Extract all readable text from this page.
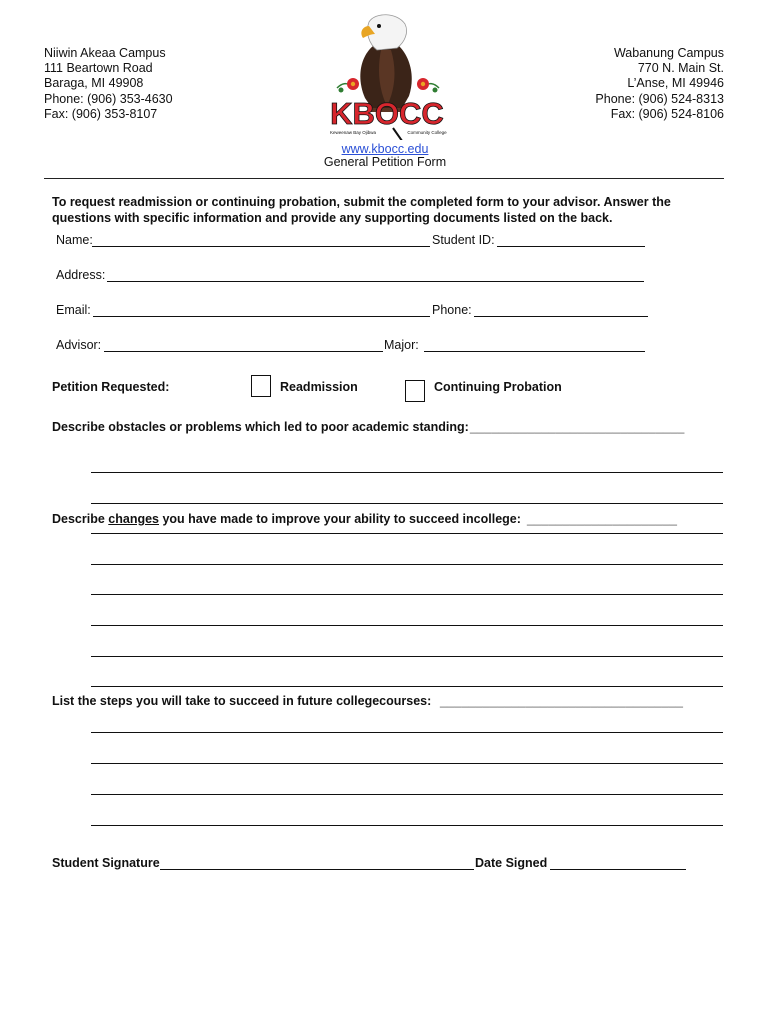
Niiwin Akeaa Campus
111 Beartown Road
Baraga, MI 49908
Phone: (906) 353-4630
Fax: (906) 353-8107
Wabanung Campus
770 N. Main St.
L’Anse, MI 49946
Phone: (906) 524-8313
Fax: (906) 524-8106
KBOCC
Keweenaw Bay Ojibwa	Community College
www.kbocc.edu
General Petition Form
To request readmission or continuing probation, submit the completed form to your advisor. Answer the
questions with specific information and provide any supporting documents listed on the back.
Name:	Student ID:
Address:
Email:	Phone:
Advisor:	Major:
Petition Requested:	Readmission	Continuing Probation
Describe obstacles or problems which led to poor academic standing: ______________________________
Describe changes you have made to improve your ability to succeed incollege: _____________________
List the steps you will take to succeed in future collegecourses: __________________________________
Student Signature	Date Signed
